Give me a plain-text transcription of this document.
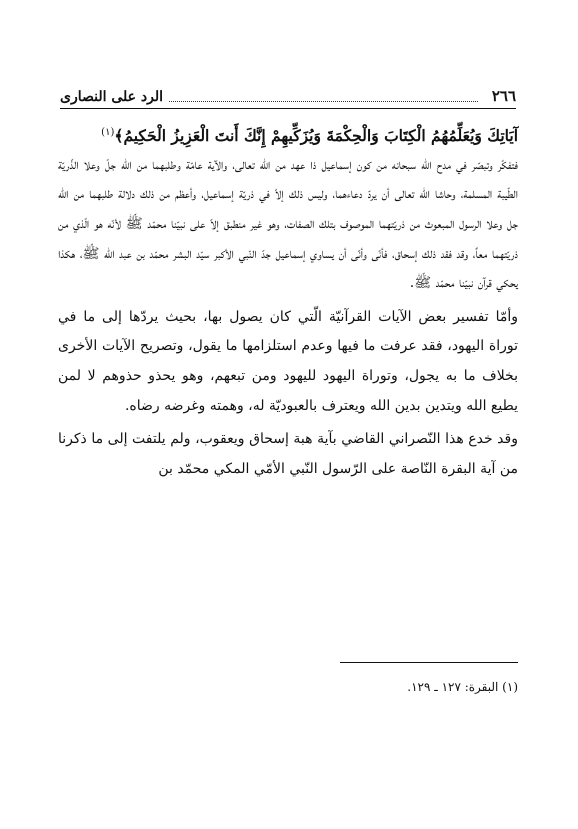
٢٦٦
الرد على النصارى
آيَاتِكَ وَيُعَلِّمُهُمُ الْكِتَابَ وَالْحِكْمَةَ وَيُزَكِّيهِمْ إِنَّكَ أَنتَ الْعَزِيزُ الْحَكِيمُ﴾$^{(١)}$

فتفكّر وتبصّر في مدح الله سبحانه من كون إسماعيل ذا عهد من الله تعالى، والآية عامّة وطلبهما من الله جلّ وعلا الذّريّة الطّيبة المسلمة، وحاشا الله تعالى أن يردّ دعاءهما، وليس ذلك إلاّ في ذريّة إسماعيل، وأعظم من ذلك دلالة طلبهما من الله جل وعلا الرسول المبعوث من ذريّتهما الموصوف بتلك الصفات، وهو غير منطبق إلاّ على نبيّنا محمّد ﷺ لأنّه هو الّذي من ذريّتهما معاً، وقد فقد ذلك إسحاق، فأنّى وأنّى أن يساوي إسماعيل جدّ النّبي الأكبر سيّد البشر محمّد بن عبد الله ﷺ، هكذا يحكي قرآن نبيّنا محمّد ﷺ.

وأمّا تفسير بعض الآيات القرآنيّة الّتي كان يصول بها، بحيث يردّها إلى ما في توراة اليهود، فقد عرفت ما فيها وعدم استلزامها ما يقول، وتصريح الآيات الأخرى بخلاف ما به يجول، وتوراة اليهود لليهود ومن تبعهم، وهو يحذو حذوهم لا لمن يطيع الله ويتدين بدين الله ويعترف بالعبوديّة له، وهمته وغرضه رضاه.

وقد خدع هذا النّصراني القاضي بآية هبة إسحاق ويعقوب، ولم يلتفت إلى ما ذكرنا من آية البقرة النّاصة على الرّسول النّبي الأمّي المكي محمّد بن

(١) البقرة: ١٢٧ ـ ١٢٩.
